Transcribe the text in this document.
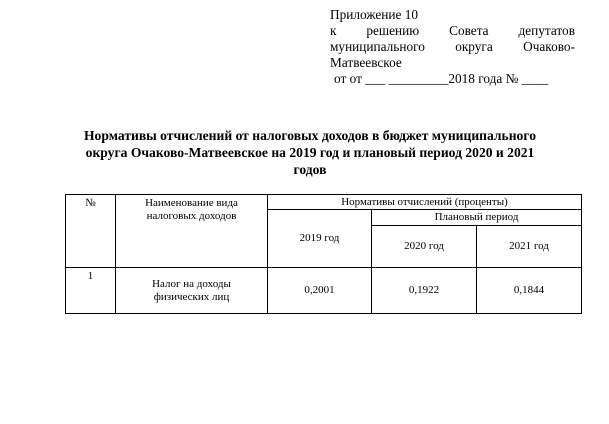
Приложение 10
к решению Совета депутатов
муниципального округа Очаково-
Матвеевское
от от ___ _________2018 года № ____
Нормативы отчислений от налоговых доходов в бюджет муниципального
округа Очаково-Матвеевское на 2019 год и плановый период 2020 и 2021
годов
№	Наименование вида налоговых доходов	Нормативы отчислений (проценты)		
		2019 год	Плановый период	
			2020 год	2021 год
1	Налог на доходы физических лиц	0,2001	0,1922	0,1844
